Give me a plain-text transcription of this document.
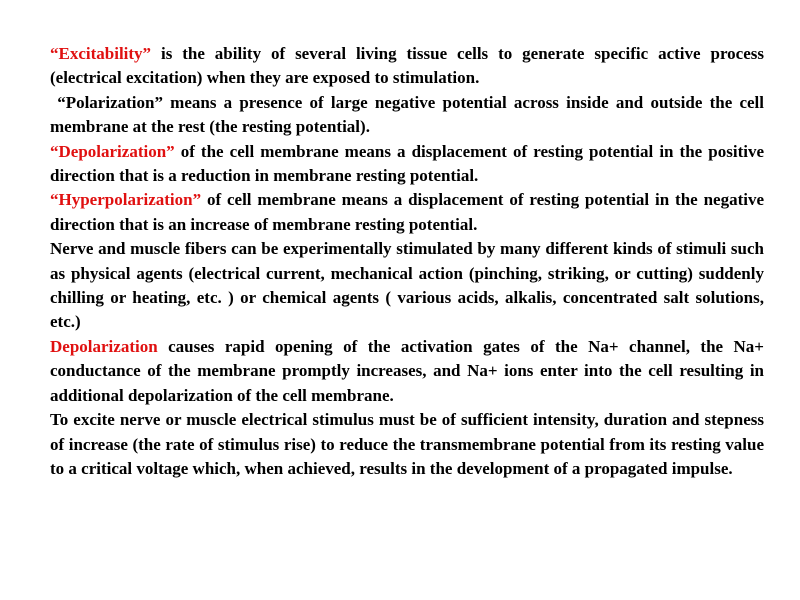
“Excitability” is the ability of several living tissue cells to generate specific active process (electrical excitation) when they are exposed to stimulation.

“Polarization” means a presence of large negative potential across inside and outside the cell membrane at the rest (the resting potential).

“Depolarization” of the cell membrane means a displacement of resting potential in the positive direction that is a reduction in membrane resting potential.

“Hyperpolarization” of cell membrane means a displacement of resting potential in the negative direction that is an increase of membrane resting potential.

Nerve and muscle fibers can be experimentally stimulated by many different kinds of stimuli such as physical agents (electrical current, mechanical action (pinching, striking, or cutting) suddenly chilling or heating, etc. ) or chemical agents ( various acids, alkalis, concentrated salt solutions, etc.)

Depolarization causes rapid opening of the activation gates of the Na+ channel, the Na+ conductance of the membrane promptly increases, and Na+ ions enter into the cell resulting in additional depolarization of the cell membrane.

To excite nerve or muscle electrical stimulus must be of sufficient intensity, duration and stepness of increase (the rate of stimulus rise) to reduce the transmembrane potential from its resting value to a critical voltage which, when achieved, results in the development of a propagated impulse.
